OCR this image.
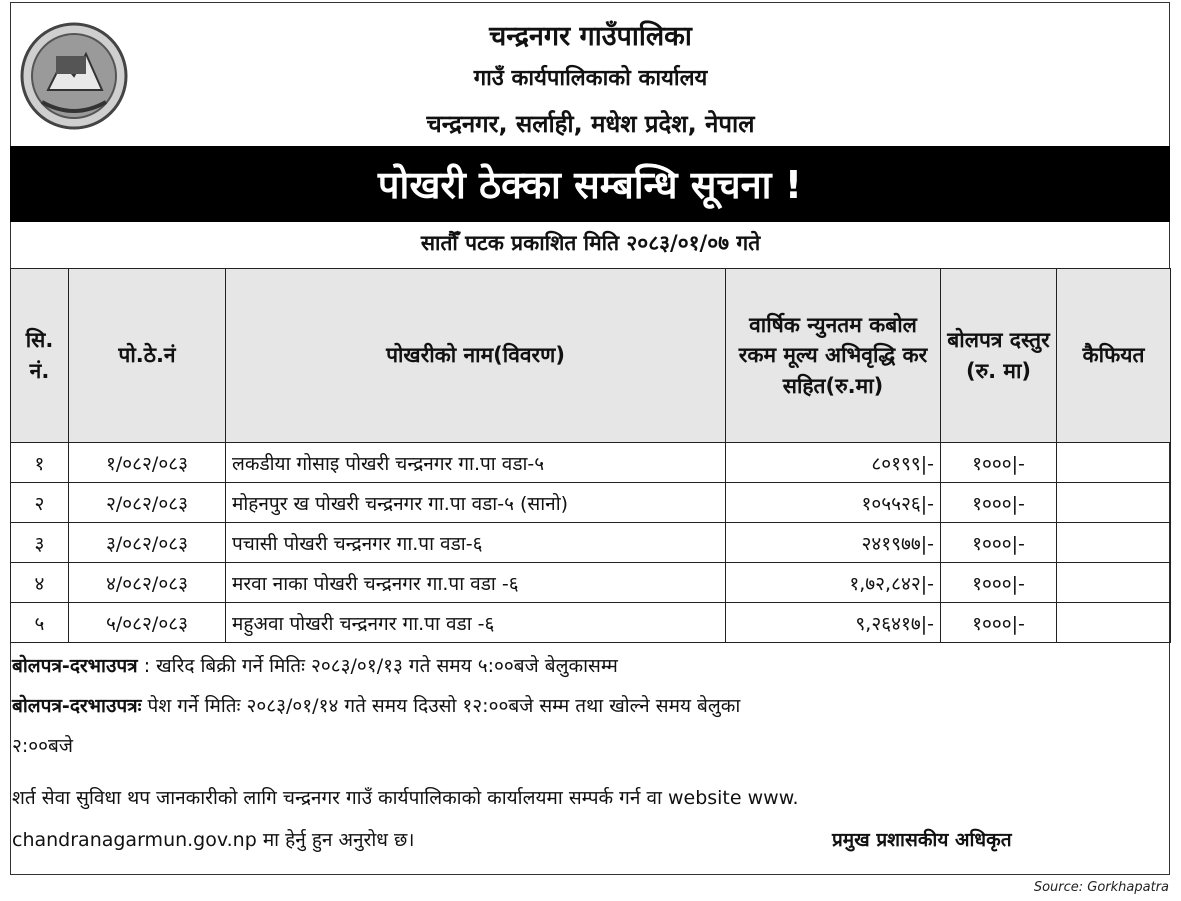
चन्द्रनगर गाउँपालिका
गाउँ कार्यपालिकाको कार्यालय
चन्द्रनगर, सर्लाही, मधेश प्रदेश, नेपाल
पोखरी ठेक्का सम्बन्धि सूचना !
सातौँ पटक प्रकाशित मिति २०८३/०१/०७ गते
सि. नं.	पो.ठे.नं	पोखरीको नाम(विवरण)	वार्षिक न्युनतम कबोल रकम मूल्य अभिवृद्धि कर सहित(रु.मा)	बोलपत्र दस्तुर (रु. मा)	कैफियत
१	१/०८२/०८३	लकडीया गोसाइ पोखरी चन्द्रनगर गा.पा वडा-५	८०१९९|-	१०००|-	
२	२/०८२/०८३	मोहनपुर ख पोखरी चन्द्रनगर गा.पा वडा-५ (सानो)	१०५५२६|-	१०००|-	
३	३/०८२/०८३	पचासी पोखरी चन्द्रनगर गा.पा वडा-६	२४१९७७|-	१०००|-	
४	४/०८२/०८३	मरवा नाका पोखरी चन्द्रनगर गा.पा वडा -६	१,७२,८४२|-	१०००|-	
५	५/०८२/०८३	महुअवा पोखरी चन्द्रनगर गा.पा वडा -६	९,२६४१७|-	१०००|-	
बोलपत्र-दरभाउपत्र : खरिद बिक्री गर्ने मितिः २०८३/०१/१३ गते समय ५:००बजे बेलुकासम्म
बोलपत्र-दरभाउपत्रः पेश गर्ने मितिः २०८३/०१/१४ गते समय दिउसो १२:००बजे सम्म तथा खोल्ने समय बेलुका
२:००बजे
शर्त सेवा सुविधा थप जानकारीको लागि चन्द्रनगर गाउँ कार्यपालिकाको कार्यालयमा सम्पर्क गर्न वा website www.
chandranagarmun.gov.np मा हेर्नु हुन अनुरोध छ।	प्रमुख प्रशासकीय अधिकृत
Source: Gorkhapatra
